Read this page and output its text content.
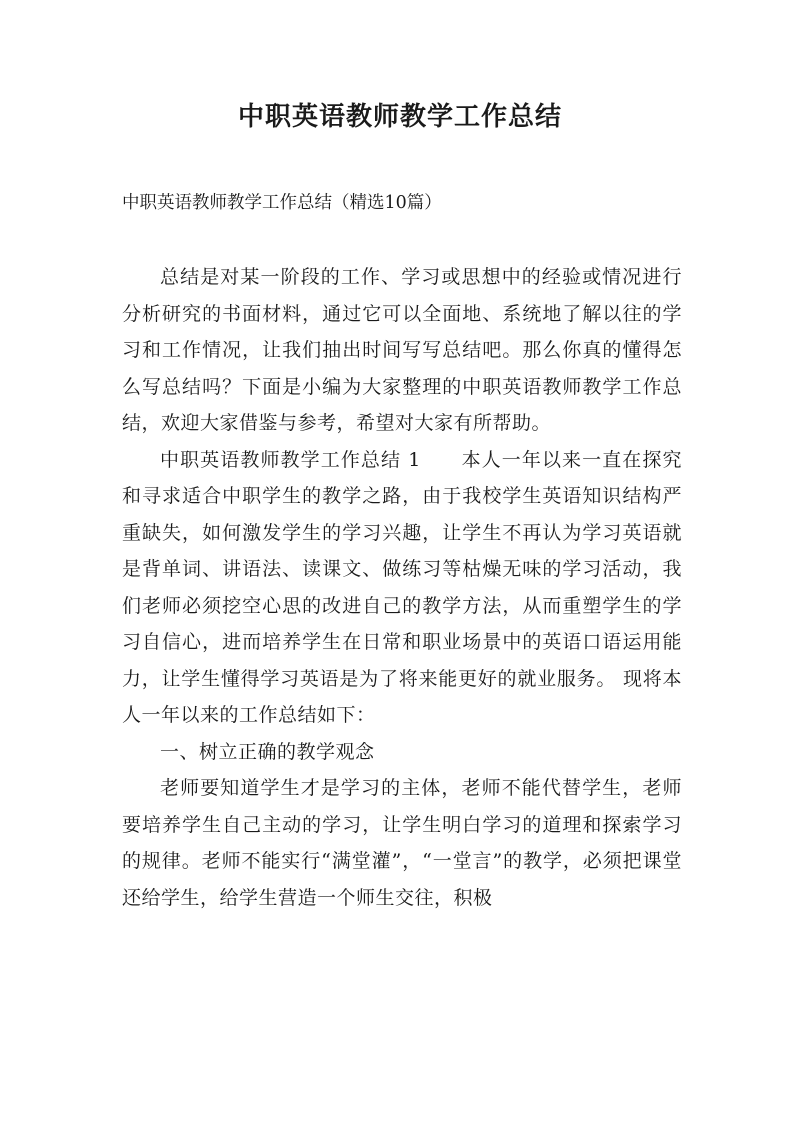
中职英语教师教学工作总结
中职英语教师教学工作总结（精选10篇）

总结是对某一阶段的工作、学习或思想中的经验或情况进行分析研究的书面材料，通过它可以全面地、系统地了解以往的学习和工作情况，让我们抽出时间写写总结吧。那么你真的懂得怎么写总结吗？下面是小编为大家整理的中职英语教师教学工作总结，欢迎大家借鉴与参考，希望对大家有所帮助。

中职英语教师教学工作总结 1　　本人一年以来一直在探究和寻求适合中职学生的教学之路，由于我校学生英语知识结构严重缺失，如何激发学生的学习兴趣，让学生不再认为学习英语就是背单词、讲语法、读课文、做练习等枯燥无味的学习活动，我们老师必须挖空心思的改进自己的教学方法，从而重塑学生的学习自信心，进而培养学生在日常和职业场景中的英语口语运用能力，让学生懂得学习英语是为了将来能更好的就业服务。 现将本人一年以来的工作总结如下：

一、树立正确的教学观念

老师要知道学生才是学习的主体，老师不能代替学生，老师要培养学生自己主动的学习，让学生明白学习的道理和探索学习的规律。老师不能实行“满堂灌”，“一堂言”的教学，必须把课堂还给学生，给学生营造一个师生交往，积极
